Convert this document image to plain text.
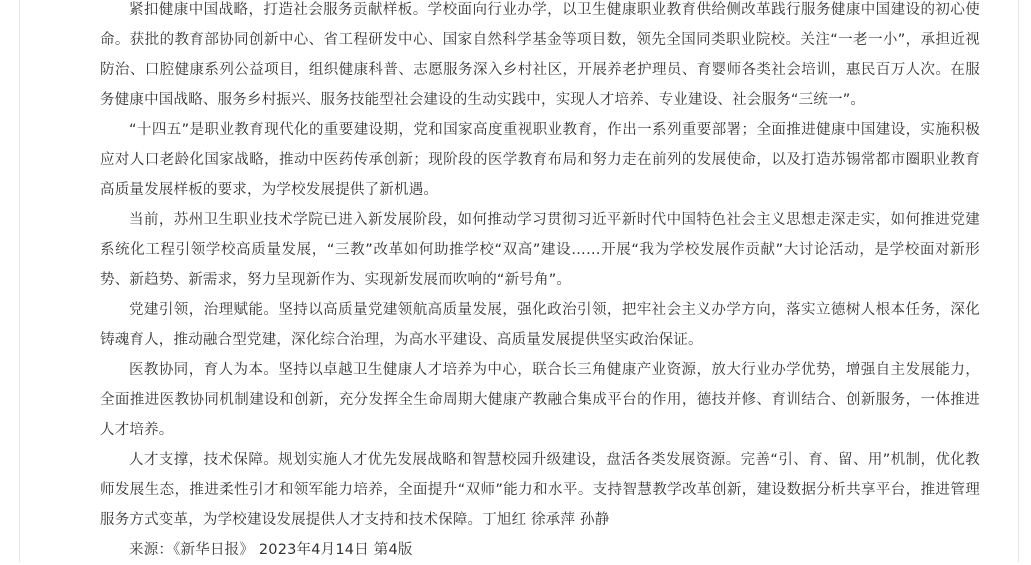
紧扣健康中国战略，打造社会服务贡献样板。学校面向行业办学，以卫生健康职业教育供给侧改革践行服务健康中国建设的初心使命。获批的教育部协同创新中心、省工程研发中心、国家自然科学基金等项目数，领先全国同类职业院校。关注“一老一小”，承担近视防治、口腔健康系列公益项目，组织健康科普、志愿服务深入乡村社区，开展养老护理员、育婴师各类社会培训，惠民百万人次。在服务健康中国战略、服务乡村振兴、服务技能型社会建设的生动实践中，实现人才培养、专业建设、社会服务“三统一”。

“十四五”是职业教育现代化的重要建设期，党和国家高度重视职业教育，作出一系列重要部署；全面推进健康中国建设，实施积极应对人口老龄化国家战略，推动中医药传承创新；现阶段的医学教育布局和努力走在前列的发展使命，以及打造苏锡常都市圈职业教育高质量发展样板的要求，为学校发展提供了新机遇。

当前，苏州卫生职业技术学院已进入新发展阶段，如何推动学习贯彻习近平新时代中国特色社会主义思想走深走实，如何推进党建系统化工程引领学校高质量发展，“三教”改革如何助推学校“双高”建设……开展“我为学校发展作贡献”大讨论活动，是学校面对新形势、新趋势、新需求，努力呈现新作为、实现新发展而吹响的“新号角”。

党建引领，治理赋能。坚持以高质量党建领航高质量发展，强化政治引领，把牢社会主义办学方向，落实立德树人根本任务，深化铸魂育人，推动融合型党建，深化综合治理，为高水平建设、高质量发展提供坚实政治保证。

医教协同，育人为本。坚持以卓越卫生健康人才培养为中心，联合长三角健康产业资源，放大行业办学优势，增强自主发展能力，全面推进医教协同机制建设和创新，充分发挥全生命周期大健康产教融合集成平台的作用，德技并修、育训结合、创新服务，一体推进人才培养。

人才支撑，技术保障。规划实施人才优先发展战略和智慧校园升级建设，盘活各类发展资源。完善“引、育、留、用”机制，优化教师发展生态，推进柔性引才和领军能力培养，全面提升“双师”能力和水平。支持智慧教学改革创新，建设数据分析共享平台，推进管理服务方式变革，为学校建设发展提供人才支持和技术保障。丁旭红 徐承萍 孙静

来源：《新华日报》 2023年4月14日 第4版
